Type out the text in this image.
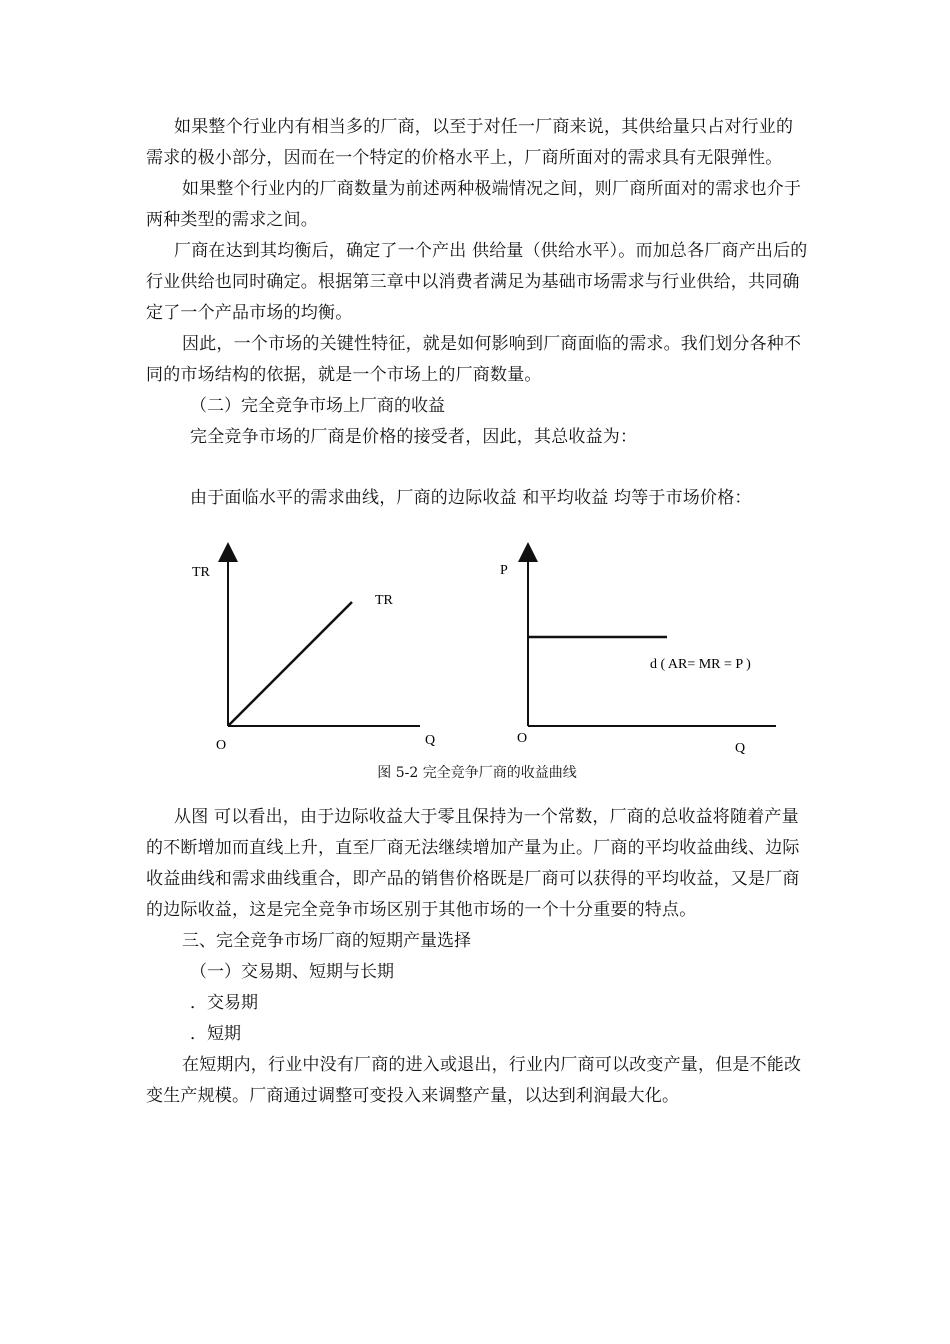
如果整个行业内有相当多的厂商，以至于对任一厂商来说，其供给量只占对行业的需求的极小部分，因而在一个特定的价格水平上，厂商所面对的需求具有无限弹性。

如果整个行业内的厂商数量为前述两种极端情况之间，则厂商所面对的需求也介于两种类型的需求之间。

厂商在达到其均衡后，确定了一个产出 供给量（供给水平）。而加总各厂商产出后的行业供给也同时确定。根据第三章中以消费者满足为基础市场需求与行业供给，共同确定了一个产品市场的均衡。

因此，一个市场的关键性特征，就是如何影响到厂商面临的需求。我们划分各种不同的市场结构的依据，就是一个市场上的厂商数量。

（二）完全竞争市场上厂商的收益

完全竞争市场的厂商是价格的接受者，因此，其总收益为：

由于面临水平的需求曲线，厂商的边际收益 和平均收益 均等于市场价格：

TR
TR
O	Q
P
d ( AR= MR = P )
O
Q
图 5-2 完全竞争厂商的收益曲线

从图 可以看出，由于边际收益大于零且保持为一个常数，厂商的总收益将随着产量的不断增加而直线上升，直至厂商无法继续增加产量为止。厂商的平均收益曲线、边际收益曲线和需求曲线重合，即产品的销售价格既是厂商可以获得的平均收益，又是厂商的边际收益，这是完全竞争市场区别于其他市场的一个十分重要的特点。

三、完全竞争市场厂商的短期产量选择

（一）交易期、短期与长期

．交易期

．短期

在短期内，行业中没有厂商的进入或退出，行业内厂商可以改变产量，但是不能改变生产规模。厂商通过调整可变投入来调整产量，以达到利润最大化。
